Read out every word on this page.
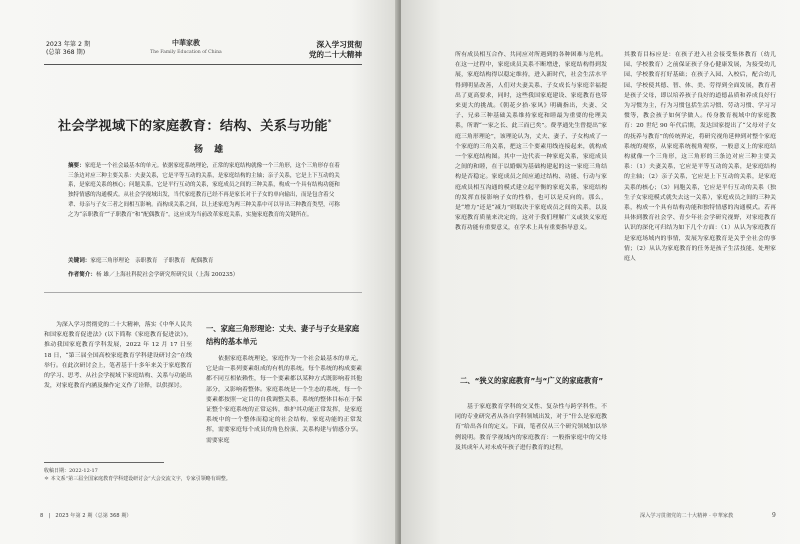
2023 年第 2 期
(总第 368 期)
中華家教
The Family Education of China
深入学习贯彻
党的二十大精神
社会学视域下的家庭教育：结构、关系与功能*
杨 雄
摘要：家庭是一个社会最基本的单元。依据家庭系统理论，正常的家庭结构就像一个三角形，这个三角形存在着三条边对应三种主要关系：夫妻关系，它是平等互动的关系，是家庭结构的主轴；亲子关系，它是上下互动的关系，是家庭关系的核心；问题关系，它是平行互动的关系，家庭成员之间的三种关系，构成一个具有结构功能和独特情感的沟通模式。从社会学视域出发，当代家庭教育已经不再是家长对于子女的单向输出，而是包含着父辈、母亲与子女三者之间相互影响。而构成关系之间，以上述家庭为两三种关系中可以导出三种教育类型，可称之为“亲职教育”“子职教育”和“配偶教育”。这应成为当前改革家庭关系，实施家庭教育的关键所在。
关键词：家庭三角形理论　亲职教育　子职教育　配偶教育
作者简介：杨 雄／上海社科院社会学研究所研究员（上海 200235）
为深入学习贯彻党的二十大精神，落实《中华人民共和国家庭教育促进法》(以下简称《家庭教育促进法》)，推动我国家庭教育学科发展，2022 年 12 月 17 日至 18 日，“第三届全国高校家庭教育学科建设研讨会”在线举行。在此次研讨会上，笔者基于十多年来关于家庭教育的学习、思考、从社会学视域下家庭结构、关系与功能出发，对家庭教育内涵及操作定义作了诠释，以供探讨。
一、家庭三角形理论：丈夫、妻子与子女是家庭结构的基本单元
依据家庭系统理论，家庭作为一个社会最基本的单元，它是由一系列要素组成的有机的系统。每个系统的构成要素都不同互相依赖性，每一个要素都以某种方式既影响着其他部分，又影响着整体。家庭系统是一个生态的系统，每一个要素都按照一定目的自我调整关系，系统的整体目标在于保证整个家庭系统的正常运转，维护其功能正常发挥，是家庭系统中的一个整体而稳定的社会结构，家庭功能的正常发挥，需要家庭每个成员的角色扮演、关系构建与情感分享。需要家庭
收稿日期：2022-12-17
＊ 本文系“第三届全国家庭教育学科建设研讨会”大会交流文字，专家引领略有调整。
8　|　2023 年第 2 期（总第 368 期）
所有成员相互合作、共同应对所遇到的各种困难与危机。在这一过程中，家庭成员关系不断增进，家庭结构得到发展，家庭结构得以稳定维持，进入新时代，社会生活水平得到明显改善，人们对夫妻关系、子女成长与家庭幸福提出了更高要求，同时，这些我国家庭建设、家庭教育也带来更大的挑战。《朝花夕拾·家风》明确指出，夫妻、父子、兄弟三种基础关系维持家庭和睦最为重要的伦理关系，所谓“一家之长、此三而已矣”。费孝通先生曾提出“家庭三角形理论”，该理论认为，丈夫、妻子、子女构成了一个家庭的三角关系，把这三个要素用线连接起来，就构成一个家庭结构图。其中一边代表一种家庭关系，家庭成员之间的和睦，在于以婚姻为基础构建起的这一家庭三角结构是否稳定。家庭成员之间应通过结构、功能、行动与家庭成员相互沟通的模式建立起平衡的家庭关系，家庭结构的发挥直接影响子女的性格，也可以是反向的。那么，是“增力”还是“减力”则取决于家庭成员之间的关系，以及家庭教育质量来决定的，这对于我们理解广义或狭义家庭教育功能有重要意义，在学术上具有重要指导意义。
二、“狭义的家庭教育”与“广义的家庭教育”
基于家庭教育学科的交叉性、复杂性与跨学科性，不同的专业研究者从各自学科领域出发，对于“什么是家庭教育”给出各自的定义。下面，笔者仅从三个研究领域加以举例说明。教育学视域内的家庭教育：一般指家庭中的父母及其成年人对未成年孩子进行教育的过程，
其教育目标应是：在孩子进入社会接受集体教育（幼儿园、学校教育）之前保证孩子身心健康发展，为接受幼儿园、学校教育打好基础；在孩子入园、入校后，配合幼儿园、学校使其德、智、体、美、劳得到全面发展，教育者是孩子父母，即以培养孩子良好的道德品质和养成良好行为习惯为主，行为习惯包括生活习惯、劳动习惯、学习习惯等，教会孩子如何学做人。传身教育视域中的家庭教育：20 世纪 90 年代后期，发达国家提出了“父母对子女的抚养与教育”的传统界定，将研究视角延伸到对整个家庭系统的观察，从家庭系统视角观察，一般意义上的家庭结构就像一个三角形，这三角形的三条边对应三种主要关系：（1）夫妻关系，它应是平等互动的关系，是家庭结构的主轴；（2）亲子关系，它应是上下互动的关系，是家庭关系的核心；（3）同胞关系，它应是平行互动的关系（独生子女家庭模式就失去这一关系），家庭成员之间的三种关系，构成一个具有结构功能和独特情感的沟通模式。若再具体到教育社会学、青少年社会学研究视野，对家庭教育认识的深化可归结为如下几个方面：（1）从认为家庭教育是家庭场域内的事情，发展为家庭教育是关乎全社会的事情；（2）从认为家庭教育的任务是孩子生活技能、处理家庭人
深入学习贯彻党的二十大精神 · 中華家教	9
